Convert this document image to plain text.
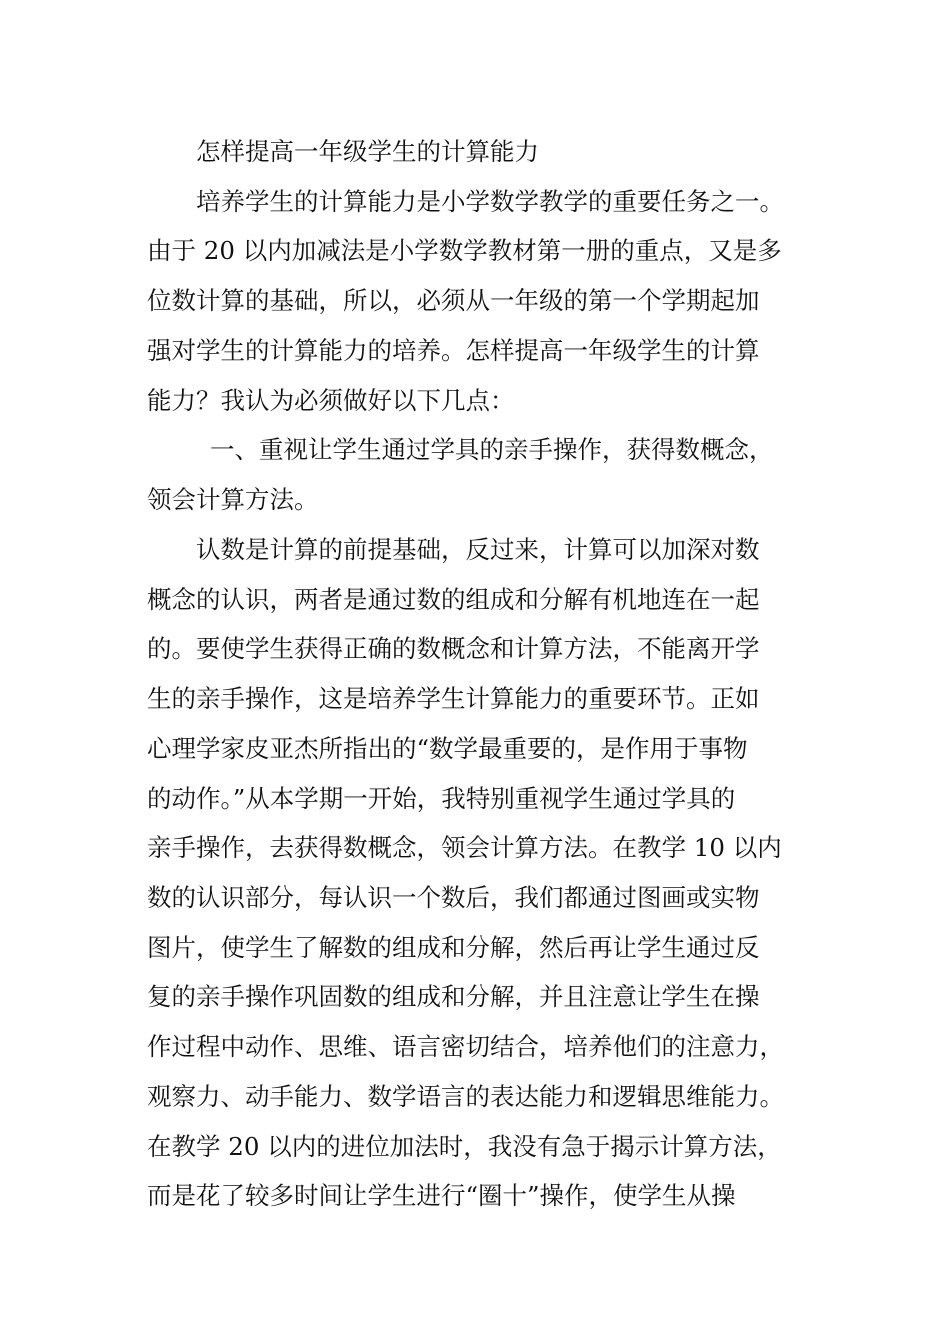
怎样提高一年级学生的计算能力
培养学生的计算能力是小学数学教学的重要任务之一。
由于 20 以内加减法是小学数学教材第一册的重点，又是多
位数计算的基础，所以，必须从一年级的第一个学期起加
强对学生的计算能力的培养。怎样提高一年级学生的计算
能力？我认为必须做好以下几点：
一、重视让学生通过学具的亲手操作，获得数概念，
领会计算方法。
认数是计算的前提基础，反过来，计算可以加深对数
概念的认识，两者是通过数的组成和分解有机地连在一起
的。要使学生获得正确的数概念和计算方法，不能离开学
生的亲手操作，这是培养学生计算能力的重要环节。正如
心理学家皮亚杰所指出的“数学最重要的，是作用于事物
的动作。”从本学期一开始，我特别重视学生通过学具的
亲手操作，去获得数概念，领会计算方法。在教学 10 以内
数的认识部分，每认识一个数后，我们都通过图画或实物
图片，使学生了解数的组成和分解，然后再让学生通过反
复的亲手操作巩固数的组成和分解，并且注意让学生在操
作过程中动作、思维、语言密切结合，培养他们的注意力，
观察力、动手能力、数学语言的表达能力和逻辑思维能力。
在教学 20 以内的进位加法时，我没有急于揭示计算方法，
而是花了较多时间让学生进行“圈十”操作，使学生从操
